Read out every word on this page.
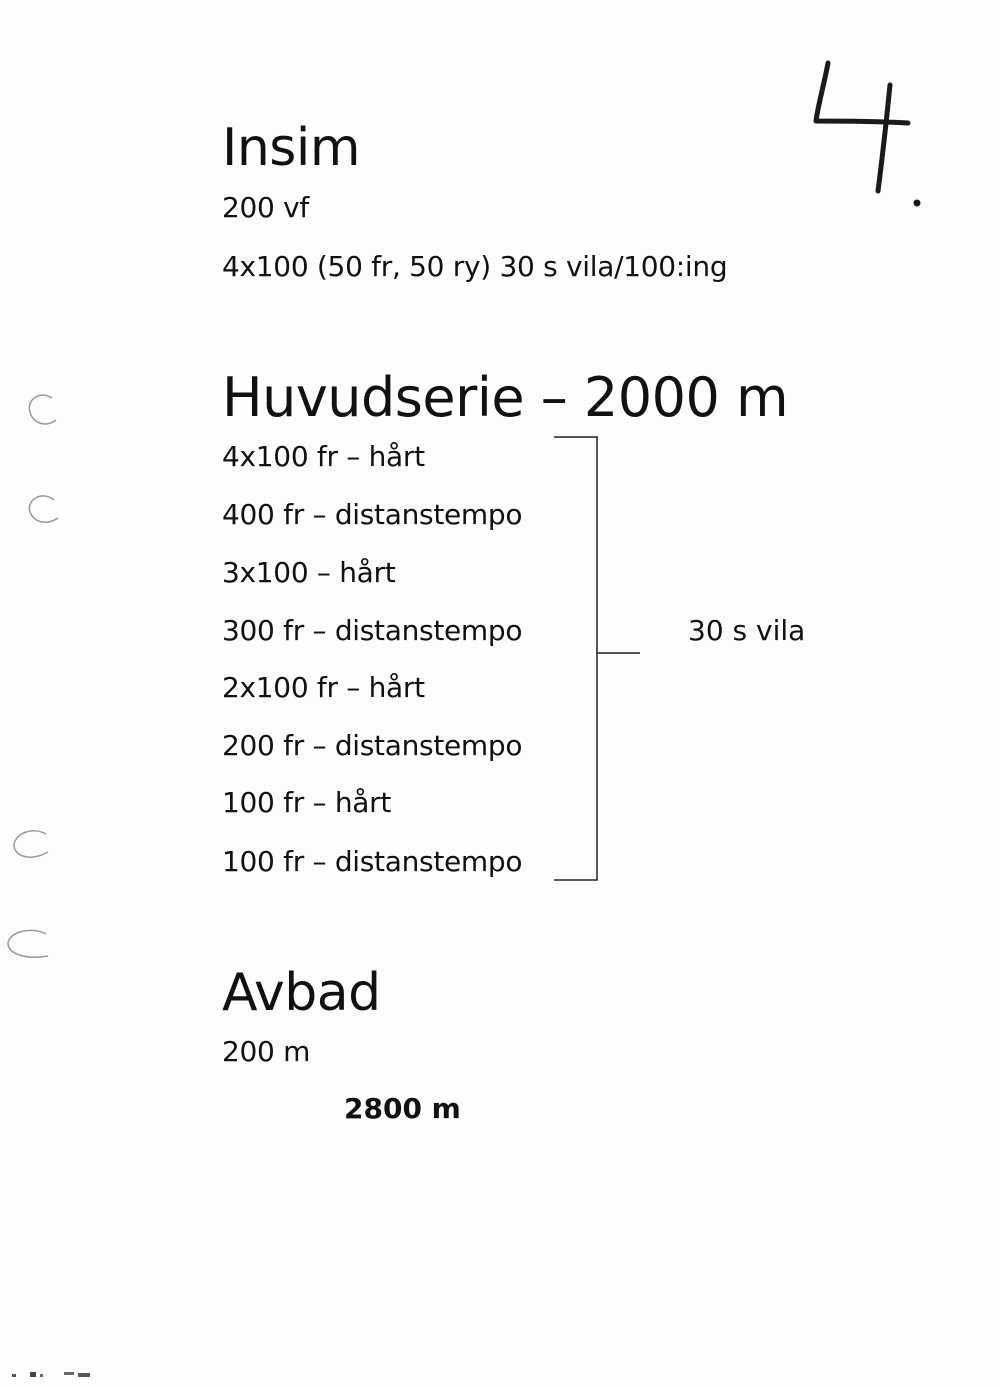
Insim

200 vf

4x100 (50 fr, 50 ry) 30 s vila/100:ing

Huvudserie – 2000 m

4x100 fr – hårt

400 fr – distanstempo

3x100 – hårt

300 fr – distanstempo

2x100 fr – hårt

200 fr – distanstempo

100 fr – hårt

100 fr – distanstempo

30 s vila
Avbad

200 m

2800 m
